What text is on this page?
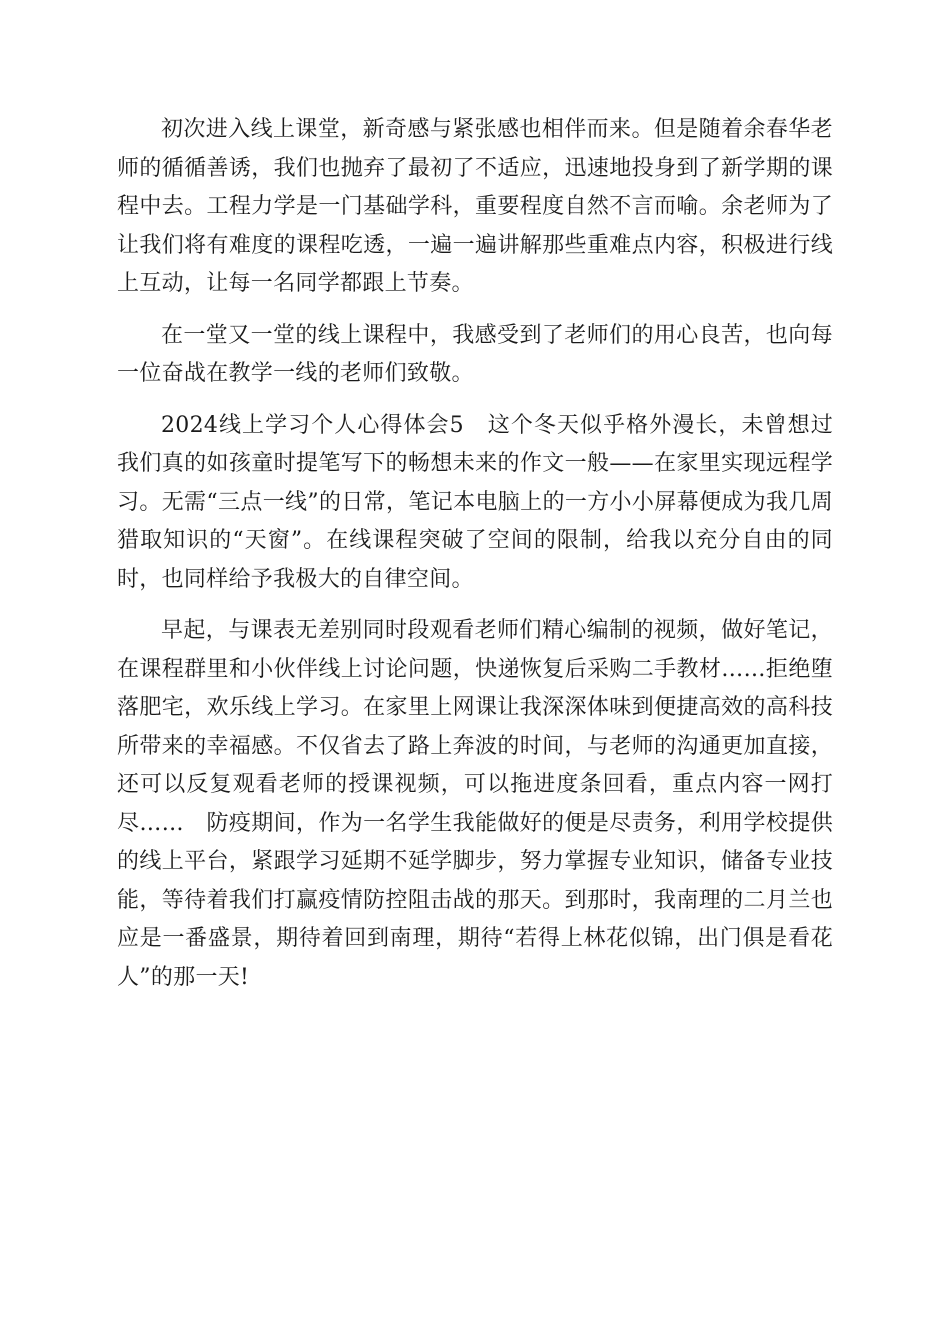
初次进入线上课堂，新奇感与紧张感也相伴而来。但是随着余春华老师的循循善诱，我们也抛弃了最初了不适应，迅速地投身到了新学期的课程中去。工程力学是一门基础学科，重要程度自然不言而喻。余老师为了让我们将有难度的课程吃透，一遍一遍讲解那些重难点内容，积极进行线上互动，让每一名同学都跟上节奏。

在一堂又一堂的线上课程中，我感受到了老师们的用心良苦，也向每一位奋战在教学一线的老师们致敬。

2024线上学习个人心得体会5　这个冬天似乎格外漫长，未曾想过我们真的如孩童时提笔写下的畅想未来的作文一般——在家里实现远程学习。无需“三点一线”的日常，笔记本电脑上的一方小小屏幕便成为我几周猎取知识的“天窗”。在线课程突破了空间的限制，给我以充分自由的同时，也同样给予我极大的自律空间。

早起，与课表无差别同时段观看老师们精心编制的视频，做好笔记，在课程群里和小伙伴线上讨论问题，快递恢复后采购二手教材……拒绝堕落肥宅，欢乐线上学习。在家里上网课让我深深体味到便捷高效的高科技所带来的幸福感。不仅省去了路上奔波的时间，与老师的沟通更加直接，还可以反复观看老师的授课视频，可以拖进度条回看，重点内容一网打尽……　防疫期间，作为一名学生我能做好的便是尽责务，利用学校提供的线上平台，紧跟学习延期不延学脚步，努力掌握专业知识，储备专业技能，等待着我们打赢疫情防控阻击战的那天。到那时，我南理的二月兰也应是一番盛景，期待着回到南理，期待“若得上林花似锦，出门俱是看花人”的那一天!
